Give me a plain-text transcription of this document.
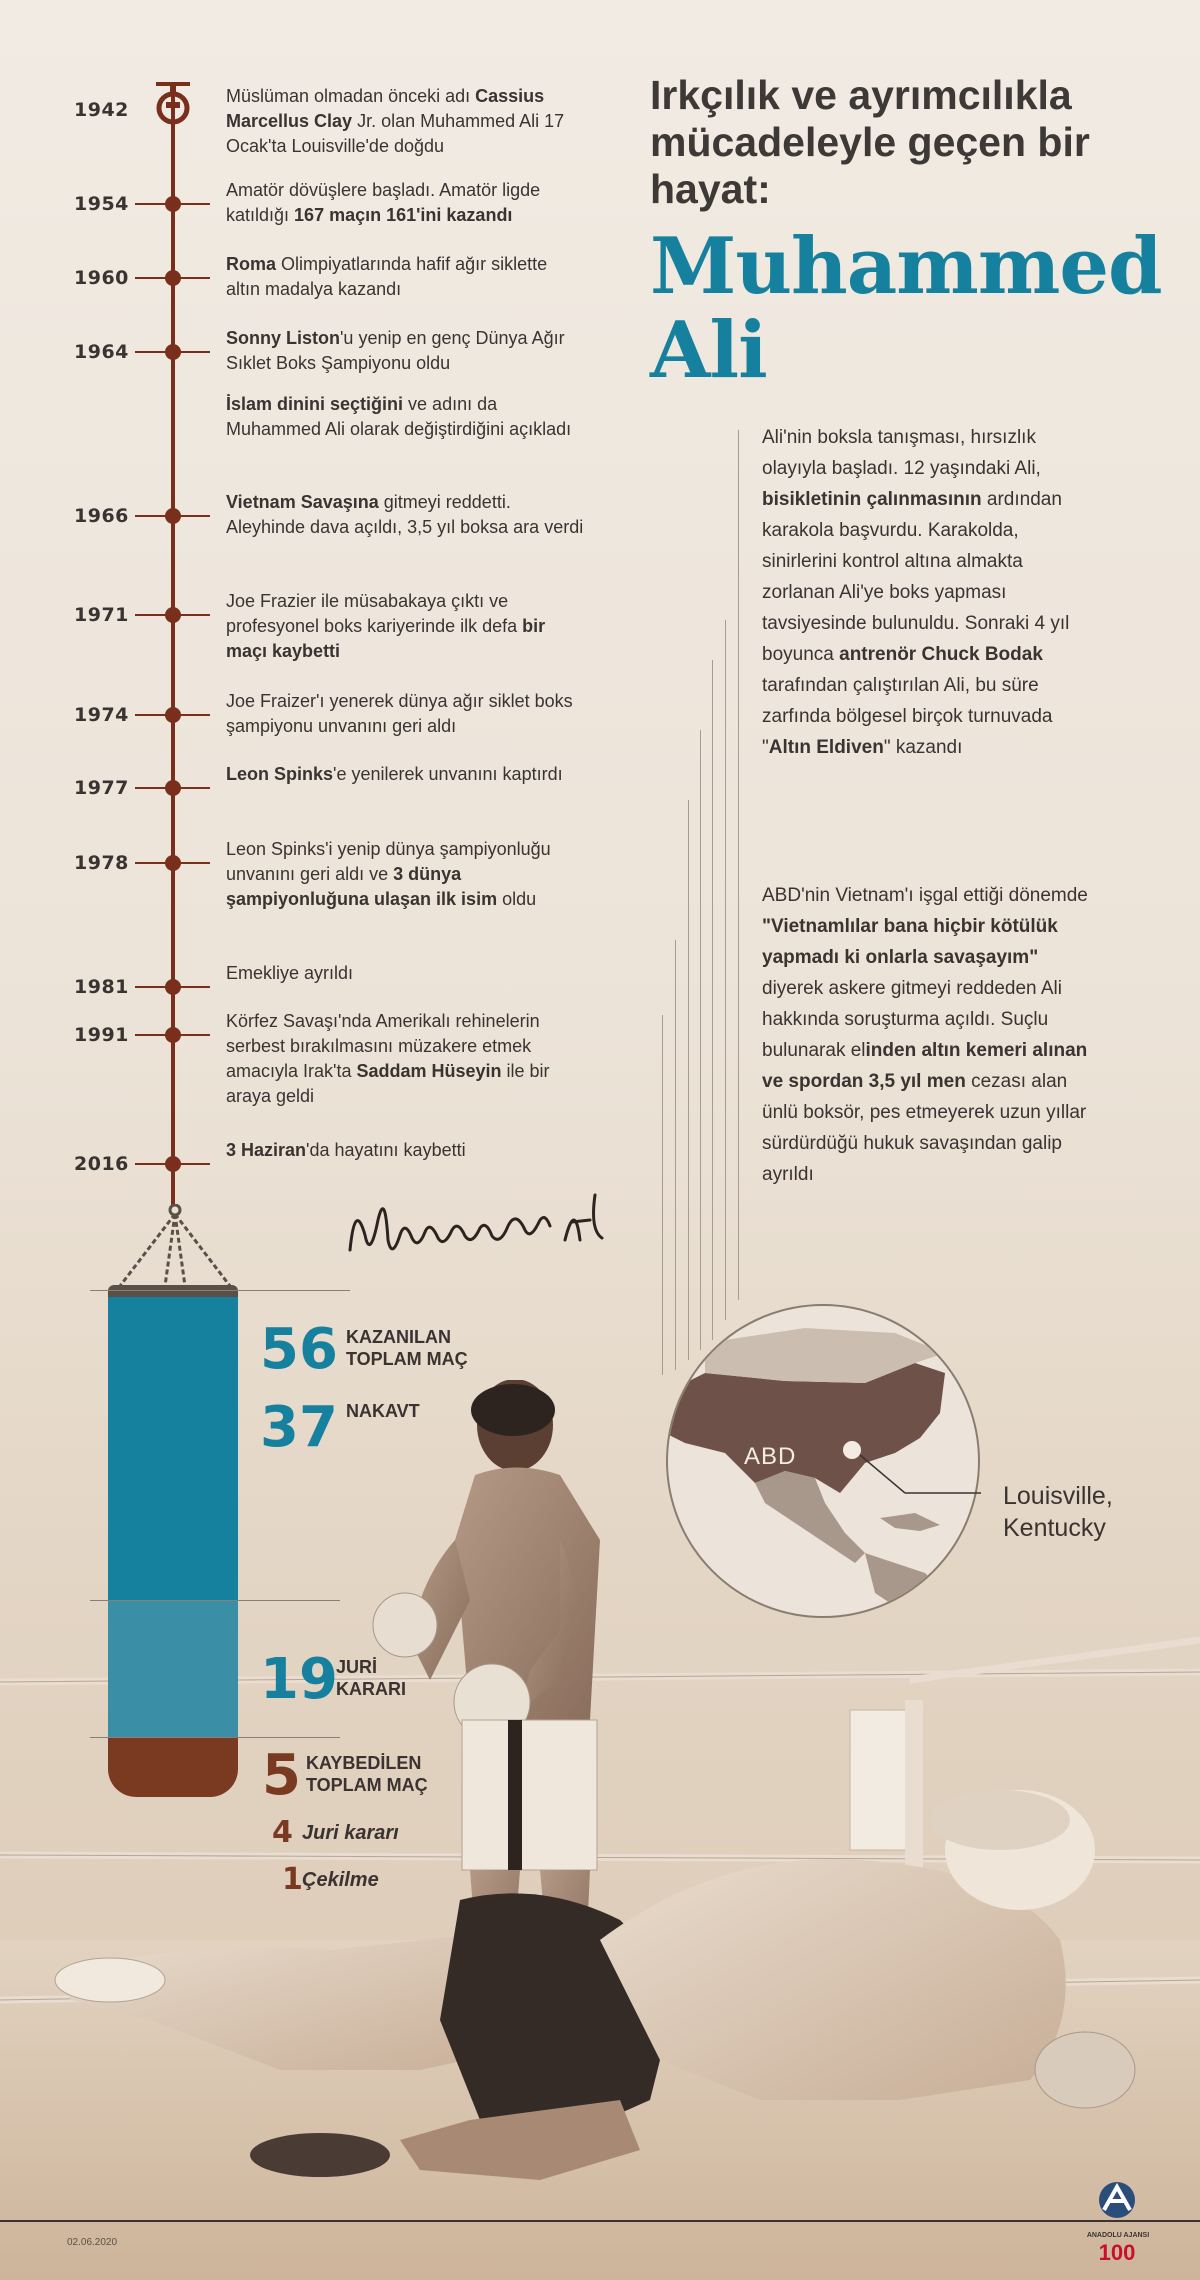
1942
Müslüman olmadan önceki adı Cassius Marcellus Clay Jr. olan Muhammed Ali 17 Ocak'ta Louisville'de doğdu
1954
Amatör dövüşlere başladı. Amatör ligde katıldığı 167 maçın 161'ini kazandı
1960
Roma Olimpiyatlarında hafif ağır siklette altın madalya kazandı
1964
Sonny Liston'u yenip en genç Dünya Ağır Sıklet Boks Şampiyonu oldu
İslam dinini seçtiğini ve adını da Muhammed Ali olarak değiştirdiğini açıkladı
1966
Vietnam Savaşına gitmeyi reddetti. Aleyhinde dava açıldı, 3,5 yıl boksa ara verdi
1971
Joe Frazier ile müsabakaya çıktı ve profesyonel boks kariyerinde ilk defa bir maçı kaybetti
1974
Joe Fraizer'ı yenerek dünya ağır siklet boks şampiyonu unvanını geri aldı
1977
Leon Spinks'e yenilerek unvanını kaptırdı
1978
Leon Spinks'i yenip dünya şampiyonluğu unvanını geri aldı ve 3 dünya şampiyonluğuna ulaşan ilk isim oldu
1981
Emekliye ayrıldı
1991
Körfez Savaşı'nda Amerikalı rehinelerin serbest bırakılmasını müzakere etmek amacıyla Irak'ta Saddam Hüseyin ile bir araya geldi
2016
3 Haziran'da hayatını kaybetti
Irkçılık ve ayrımcılıkla mücadeleyle geçen bir hayat:
Muhammed Ali
Ali'nin boksla tanışması, hırsızlık olayıyla başladı. 12 yaşındaki Ali, bisikletinin çalınmasının ardından karakola başvurdu. Karakolda, sinirlerini kontrol altına almakta zorlanan Ali'ye boks yapması tavsiyesinde bulunuldu. Sonraki 4 yıl boyunca antrenör Chuck Bodak tarafından çalıştırılan Ali, bu süre zarfında bölgesel birçok turnuvada "Altın Eldiven" kazandı
ABD'nin Vietnam'ı işgal ettiği dönemde "Vietnamlılar bana hiçbir kötülük yapmadı ki onlarla savaşayım" diyerek askere gitmeyi reddeden Ali hakkında soruşturma açıldı. Suçlu bulunarak elinden altın kemeri alınan ve spordan 3,5 yıl men cezası alan ünlü boksör, pes etmeyerek uzun yıllar sürdürdüğü hukuk savaşından galip ayrıldı
ABD
Louisville,
Kentucky
56 KAZANILAN
TOPLAM MAÇ
37 NAKAVT
19
JURİ
KARARI
5 KAYBEDİLEN
TOPLAM MAÇ
4 Juri kararı
1 Çekilme
02.06.2020	100
ANADOLU AJANSI
